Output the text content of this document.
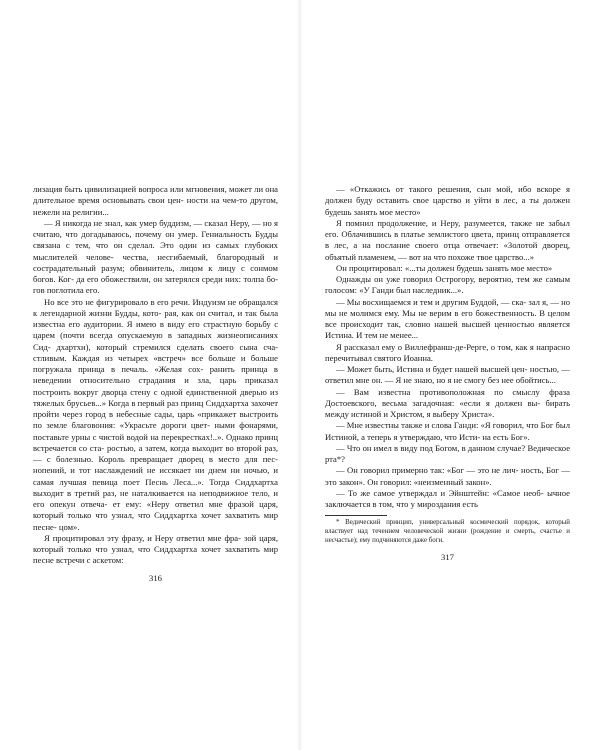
лизация быть цивилизацией вопроса или мгновения, может ли она длительное время основывать свои цен- ности на чем-то другом, нежели на религии...

— Я никогда не знал, как умер буддизм, — сказал Неру, — но я считаю, что догадываюсь, почему он умер. Гениальность Будды связана с тем, что он сделал. Это один из самых глубоких мыслителей челове- чества, несгибаемый, благородный и сострадательный разум; обвинитель, лицом к лицу с сонмом богов. Ког- да его обожествили, он затерялся среди них: толпа бо- гов поглотила его.

Но все это не фигурировало в его речи. Индуизм не обращался к легендарной жизни Будды, кото- рая, как он считал, и так была известна его аудитории. Я имею в виду его страстную борьбу с царем (почти всегда опускаемую в западных жизнеописаниях Сид- дхартхи), который стремился сделать своего сына сча- стливым. Каждая из четырех «встреч» все больше и больше погружала принца в печаль. «Желая сох- ранить принца в неведении относительно страдания и зла, царь приказал построить вокруг дворца стену с одной единственной дверью из тяжелых брусьев...» Когда в первый раз принц Сиддхартха захочет пройти через город в небесные сады, царь «прикажет выстроить по земле благовония: «Украсьте дороги цвет- ными фонарями, поставьте урны с чистой водой на перекрестках!..». Однако принц встречается со ста- ростью, а затем, когда выходит во второй раз, — с болезнью. Король превращает дворец в место для пес- нопений, и тот наслаждений не иссякает ни днем ни ночью, и самая лучшая певица поет Песнь Леса...». Тогда Сиддхартха выходит в третий раз, не наталкивается на неподвижное тело, и его опекун отвеча- ет ему: «Неру ответил мне фразой царя, который только что узнал, что Сиддхартха хочет захватить мир песне- цом».

Я процитировал эту фразу, и Неру ответил мне фра- зой царя, который только что узнал, что Сиддхартха хочет захватить мир песне встречи с аскетом:

316

— «Откажись от такого решения, сын мой, ибо вскоре я должен буду оставить свое царство и уйти в лес, а ты должен будешь занять мое место»

Я помнил продолжение, и Неру, разумеется, также не забыл его. Облачившись в платье землистого цвета, принц отправляется в лес, а на послание своего отца отвечает: «Золотой дворец, объятый пламенем, — вот на что похоже твое царство...»

Он процитировал: «...ты должен будешь занять мое место»

Однажды он уже говорил Острогору, вероятно, тем же самым голосом: «У Ганди был наследник...».

— Мы восхищаемся и тем и другим Буддой, — ска- зал я, — но мы не молимся ему. Мы не верим в его божественность. В целом все происходит так, словно нашей высшей ценностью является Истина. И тем не менее...

Я рассказал ему о Виллефранш-де-Рерге, о том, как я напрасно перечитывал святого Иоанна.

— Может быть, Истина и будет нашей высшей цен- ностью, — ответил мне он. — Я не знаю, но я не смогу без нее обойтись...

— Вам известна противоположная по смыслу фраза Достоевского, весьма загадочная: «если я должен вы- бирать между истиной и Христом, я выберу Христа».

— Мне известны также и слова Ганди: «Я говорил, что Бог был Истиной, а теперь я утверждаю, что Исти- на есть Бог».

— Что он имел в виду под Богом, в данном случае? Ведическое рта*?

— Он говорил примерно так: «Бог — это не лич- ность, Бог — это закон». Он говорил: «неизменный закон».

— То же самое утверждал и Эйнштейн: «Самое необ- ычное заключается в том, что у мироздания есть

* Ведический принцип, универсальный космический порядок, который властвует над течением человеческой жизни (рождение и смерть, счастье и несчастье); ему подчиняются даже боги.

317
